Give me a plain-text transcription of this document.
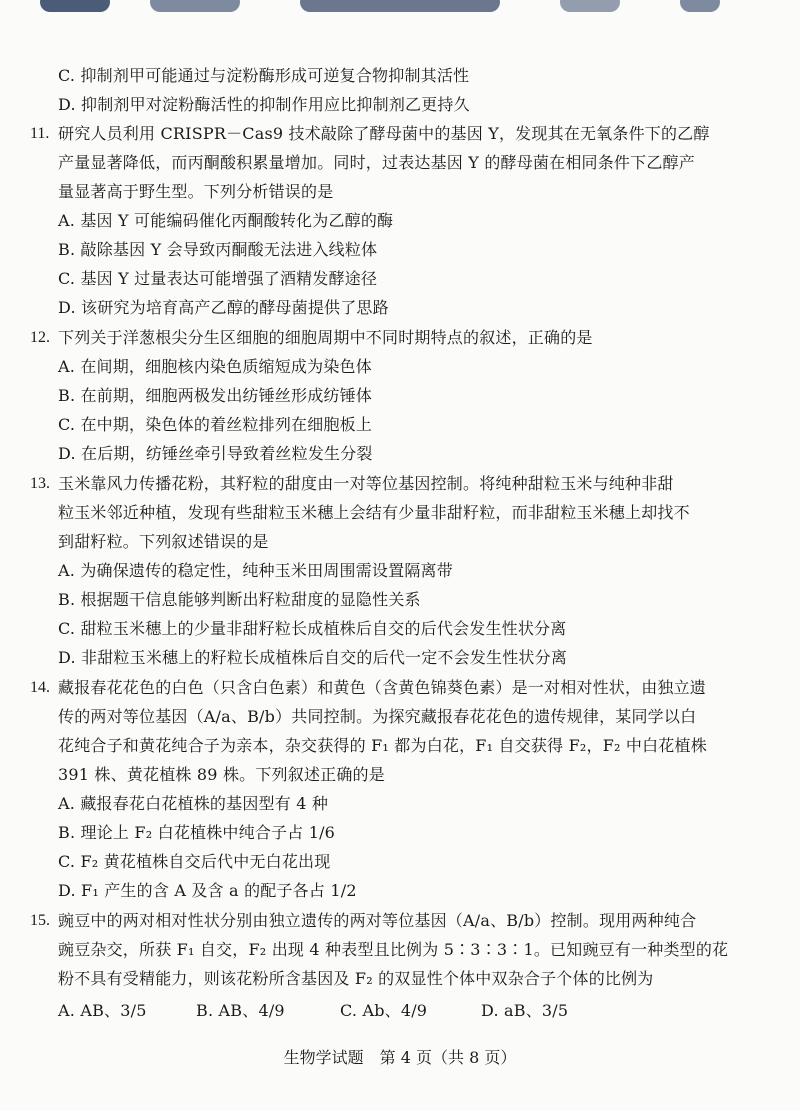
C. 抑制剂甲可能通过与淀粉酶形成可逆复合物抑制其活性
D. 抑制剂甲对淀粉酶活性的抑制作用应比抑制剂乙更持久
11. 研究人员利用 CRISPR－Cas9 技术敲除了酵母菌中的基因 Y，发现其在无氧条件下的乙醇
产量显著降低，而丙酮酸积累量增加。同时，过表达基因 Y 的酵母菌在相同条件下乙醇产
量显著高于野生型。下列分析错误的是
A. 基因 Y 可能编码催化丙酮酸转化为乙醇的酶
B. 敲除基因 Y 会导致丙酮酸无法进入线粒体
C. 基因 Y 过量表达可能增强了酒精发酵途径
D. 该研究为培育高产乙醇的酵母菌提供了思路
12. 下列关于洋葱根尖分生区细胞的细胞周期中不同时期特点的叙述，正确的是
A. 在间期，细胞核内染色质缩短成为染色体
B. 在前期，细胞两极发出纺锤丝形成纺锤体
C. 在中期，染色体的着丝粒排列在细胞板上
D. 在后期，纺锤丝牵引导致着丝粒发生分裂
13. 玉米靠风力传播花粉，其籽粒的甜度由一对等位基因控制。将纯种甜粒玉米与纯种非甜
粒玉米邻近种植，发现有些甜粒玉米穗上会结有少量非甜籽粒，而非甜粒玉米穗上却找不
到甜籽粒。下列叙述错误的是
A. 为确保遗传的稳定性，纯种玉米田周围需设置隔离带
B. 根据题干信息能够判断出籽粒甜度的显隐性关系
C. 甜粒玉米穗上的少量非甜籽粒长成植株后自交的后代会发生性状分离
D. 非甜粒玉米穗上的籽粒长成植株后自交的后代一定不会发生性状分离
14. 藏报春花花色的白色（只含白色素）和黄色（含黄色锦葵色素）是一对相对性状，由独立遗
传的两对等位基因（A/a、B/b）共同控制。为探究藏报春花花色的遗传规律，某同学以白
花纯合子和黄花纯合子为亲本，杂交获得的 F₁ 都为白花，F₁ 自交获得 F₂，F₂ 中白花植株
391 株、黄花植株 89 株。下列叙述正确的是
A. 藏报春花白花植株的基因型有 4 种
B. 理论上 F₂ 白花植株中纯合子占 1/6
C. F₂ 黄花植株自交后代中无白花出现
D. F₁ 产生的含 A 及含 a 的配子各占 1/2
15. 豌豆中的两对相对性状分别由独立遗传的两对等位基因（A/a、B/b）控制。现用两种纯合
豌豆杂交，所获 F₁ 自交，F₂ 出现 4 种表型且比例为 5∶3∶3∶1。已知豌豆有一种类型的花
粉不具有受精能力，则该花粉所含基因及 F₂ 的双显性个体中双杂合子个体的比例为
A. AB、3/5	B. AB、4/9	C. Ab、4/9	D. aB、3/5
生物学试题　第 4 页（共 8 页）
